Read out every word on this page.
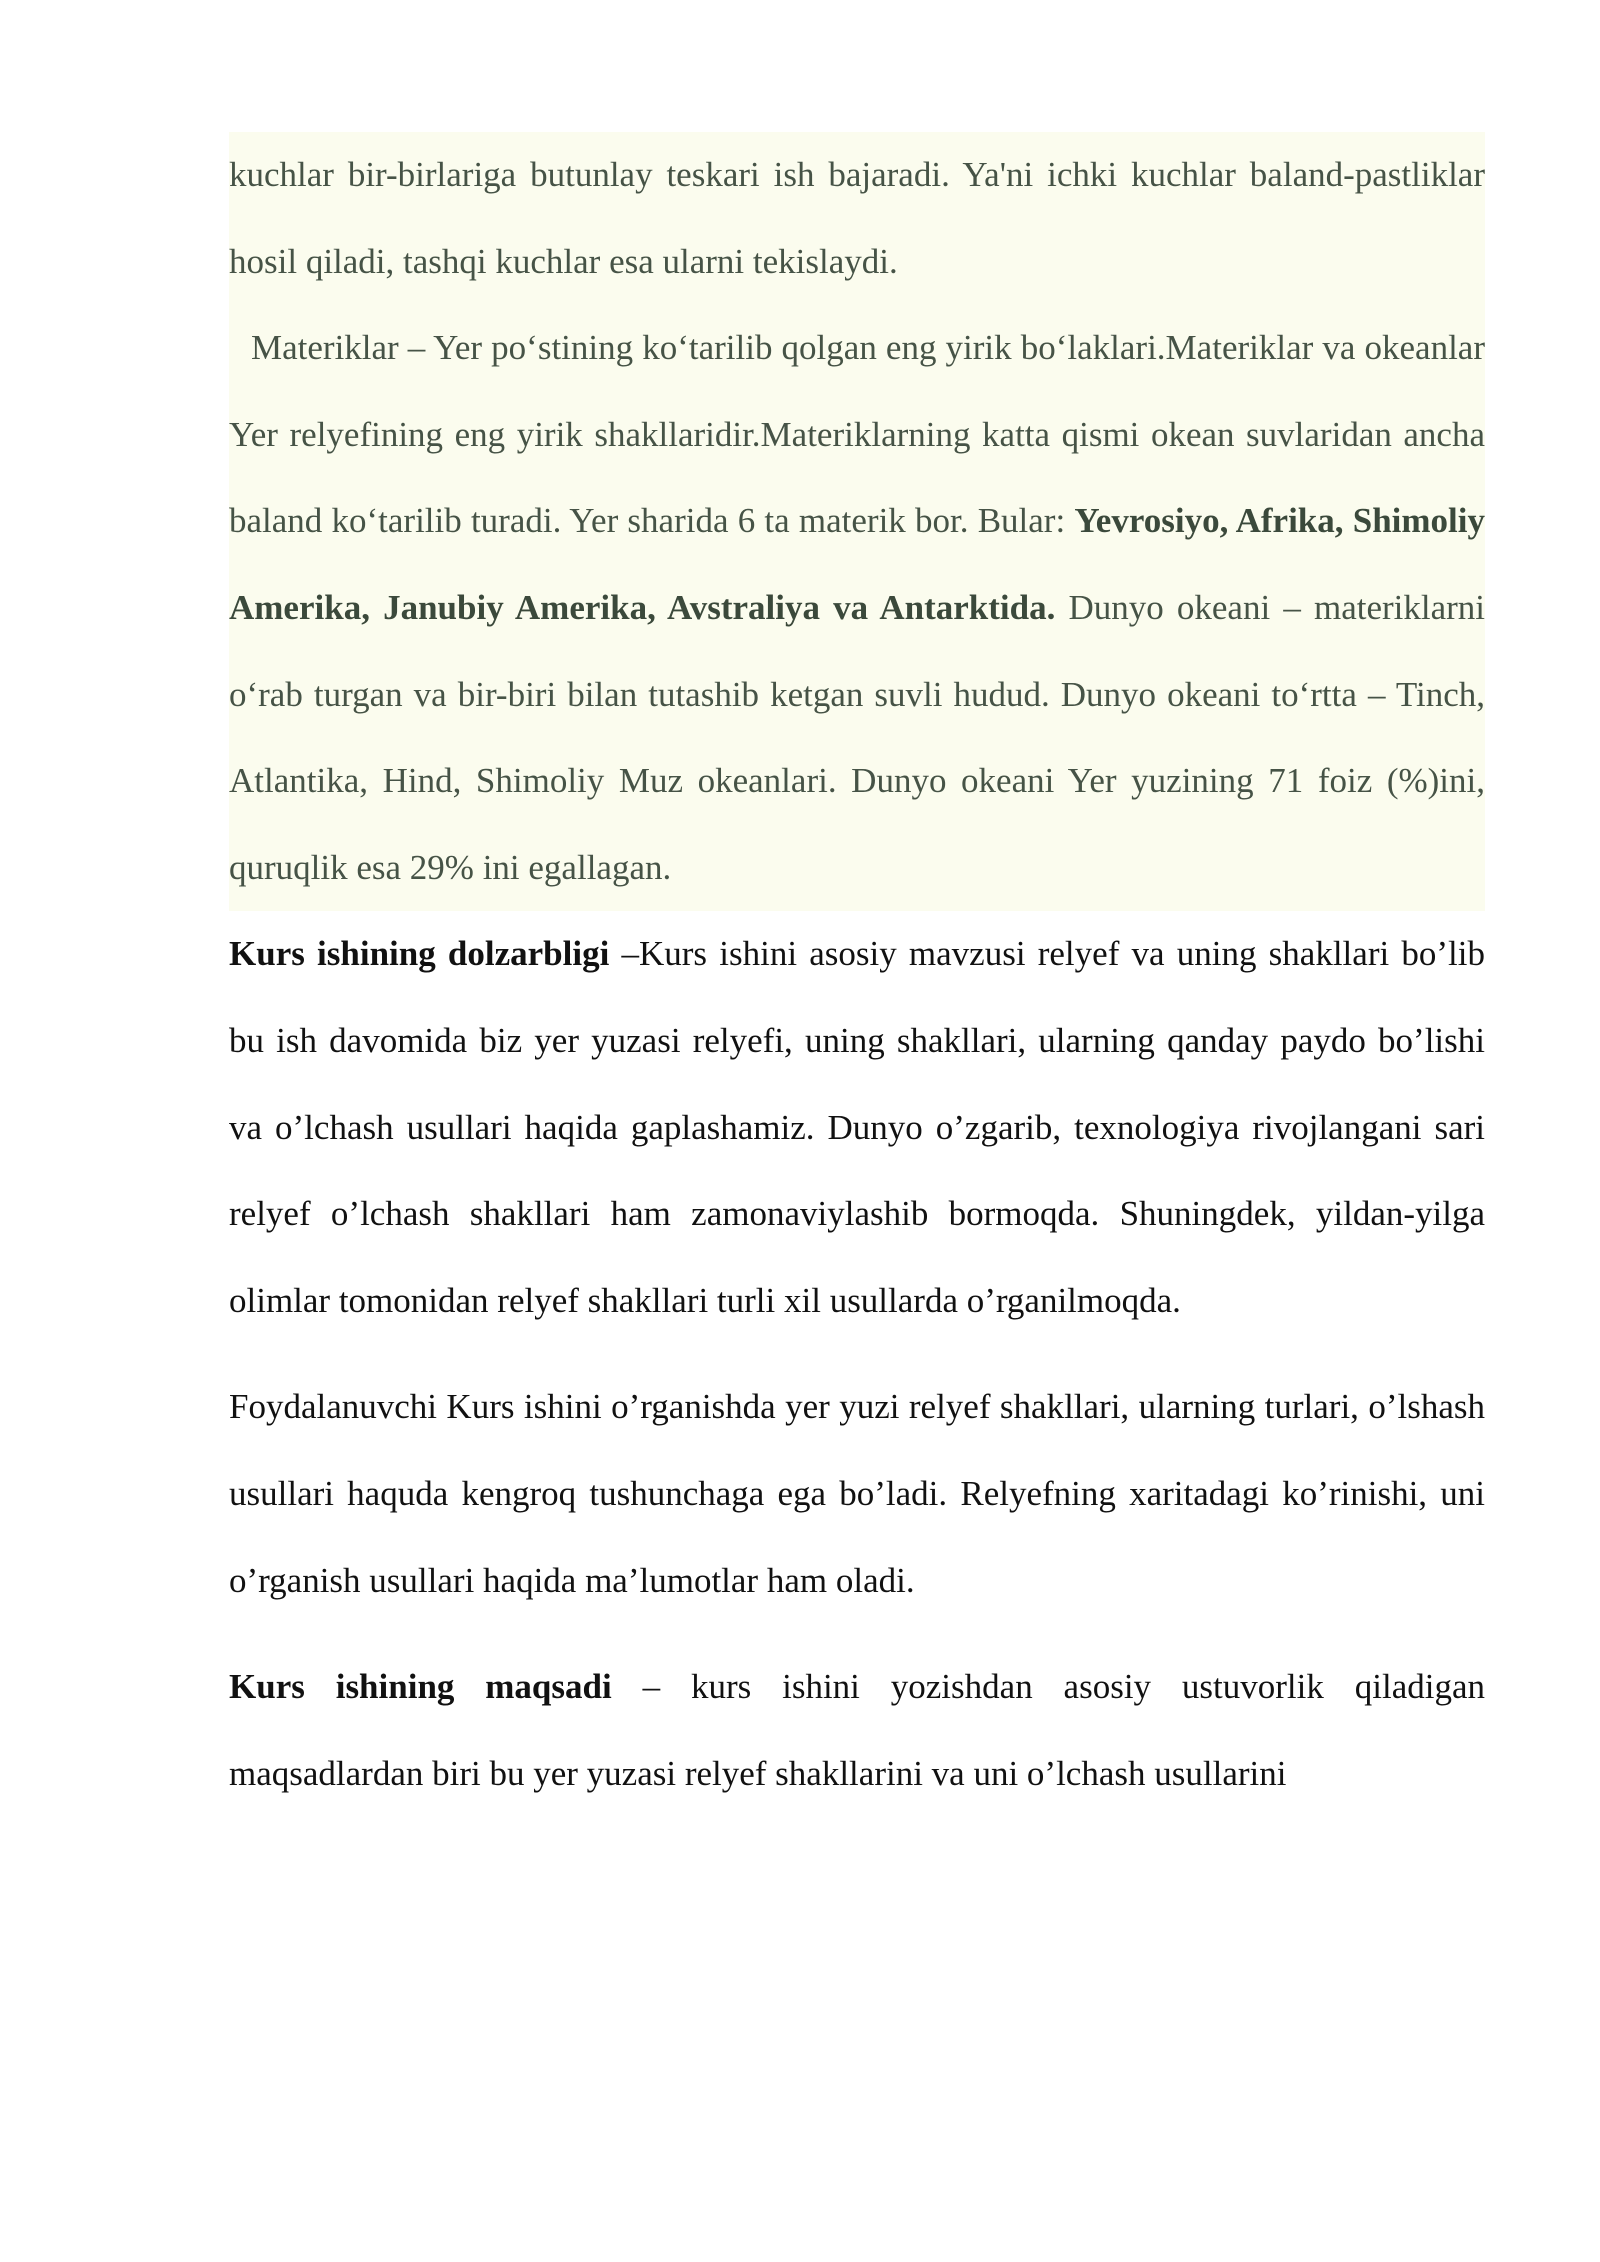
kuchlar bir-birlariga butunlay teskari ish bajaradi. Ya'ni ichki kuchlar baland-pastliklar hosil qiladi, tashqi kuchlar esa ularni tekislaydi.

Materiklar – Yer po‘stining ko‘tarilib qolgan eng yirik bo‘laklari.Materiklar va okeanlar Yer relyefining eng yirik shakllaridir.Materiklarning katta qismi okean suvlaridan ancha baland ko‘tarilib turadi. Yer sharida 6 ta materik bor. Bular: Yevrosiyo, Afrika, Shimoliy Amerika, Janubiy Amerika, Avstraliya va Antarktida. Dunyo okeani – materiklarni o‘rab turgan va bir-biri bilan tutashib ketgan suvli hudud. Dunyo okeani to‘rtta – Tinch, Atlantika, Hind, Shimoliy Muz okeanlari. Dunyo okeani Yer yuzining 71 foiz (%)ini, quruqlik esa 29% ini egallagan.

Kurs ishining dolzarbligi –Kurs ishini asosiy mavzusi relyef va uning shakllari bo’lib bu ish davomida biz yer yuzasi relyefi, uning shakllari, ularning qanday paydo bo’lishi va o’lchash usullari haqida gaplashamiz. Dunyo o’zgarib, texnologiya rivojlangani sari relyef o’lchash shakllari ham zamonaviylashib bormoqda. Shuningdek, yildan-yilga olimlar tomonidan relyef shakllari turli xil usullarda o’rganilmoqda.

Foydalanuvchi Kurs ishini o’rganishda yer yuzi relyef shakllari, ularning turlari, o’lshash usullari haquda kengroq tushunchaga ega bo’ladi. Relyefning xaritadagi ko’rinishi, uni o’rganish usullari haqida ma’lumotlar ham oladi.

Kurs ishining maqsadi – kurs ishini yozishdan asosiy ustuvorlik qiladigan maqsadlardan biri bu yer yuzasi relyef shakllarini va uni o’lchash usullarini
